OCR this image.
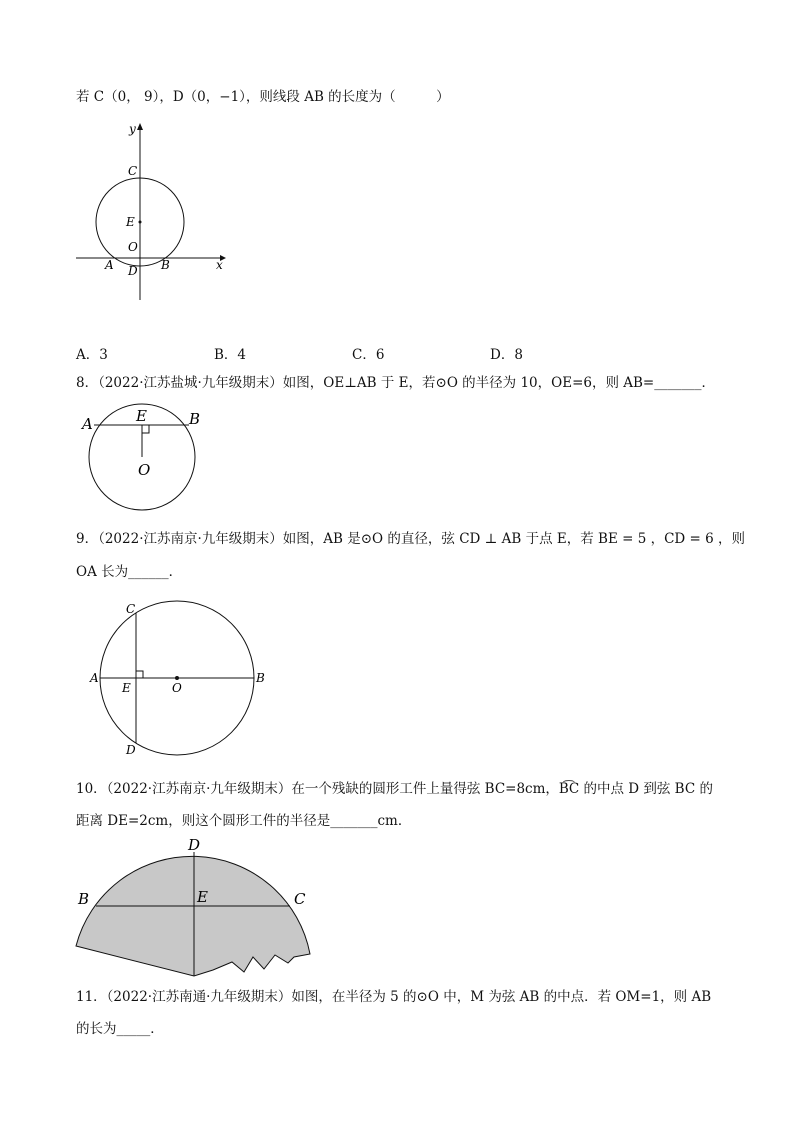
若 C（0， 9），D（0，−1），则线段 AB 的长度为（　　　）
y
x
C
E
O
A D B
A．3	B．4	C．6	D．8
8．（2022·江苏盐城·九年级期末）如图，OE⊥AB 于 E，若⊙O 的半径为 10，OE=6，则 AB=_______．
A	E	B
O
9．（2022·江苏南京·九年级期末）如图，AB 是⊙O 的直径，弦 CD ⊥ AB 于点 E，若 BE = 5 ，CD = 6 ，则
OA 长为______．
C
A
E	O
B
D
10．（2022·江苏南京·九年级期末）在一个残缺的圆形工件上量得弦 BC=8cm，B͡C 的中点 D 到弦 BC 的
距离 DE=2cm，则这个圆形工件的半径是_______cm．
D
B	E	C
11．（2022·江苏南通·九年级期末）如图，在半径为 5 的⊙O 中，M 为弦 AB 的中点．若 OM=1，则 AB
的长为_____．
